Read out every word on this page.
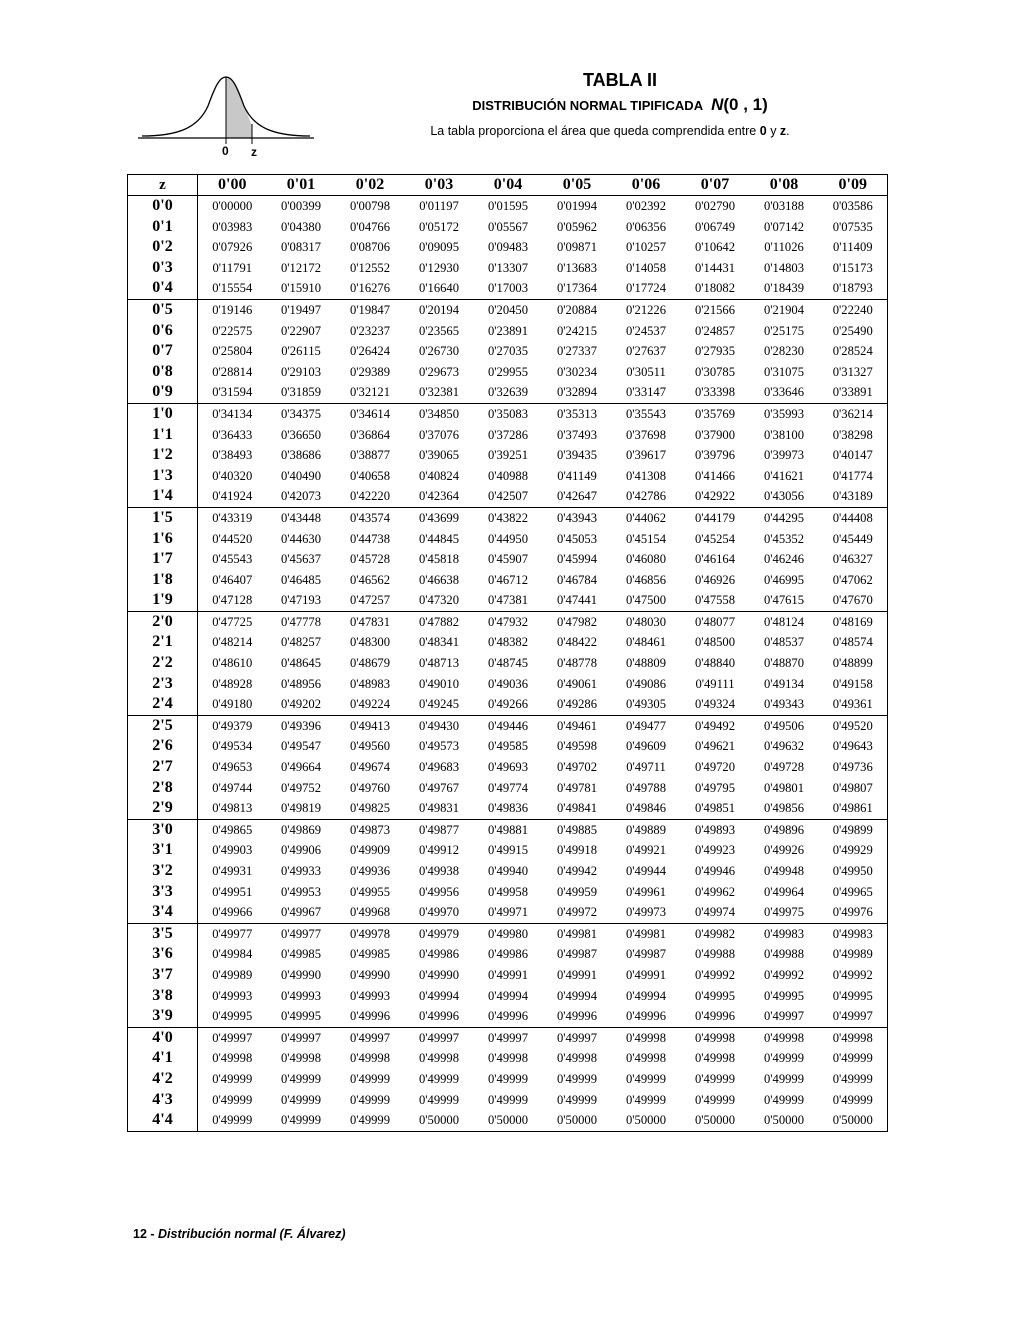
0 z
TABLA II
DISTRIBUCIÓN NORMAL TIPIFICADA N(0 , 1)
La tabla proporciona el área que queda comprendida entre 0 y z.
z	0'00	0'01	0'02	0'03	0'04	0'05	0'06	0'07	0'08	0'09
0'0	0'00000	0'00399	0'00798	0'01197	0'01595	0'01994	0'02392	0'02790	0'03188	0'03586
0'1	0'03983	0'04380	0'04766	0'05172	0'05567	0'05962	0'06356	0'06749	0'07142	0'07535
0'2	0'07926	0'08317	0'08706	0'09095	0'09483	0'09871	0'10257	0'10642	0'11026	0'11409
0'3	0'11791	0'12172	0'12552	0'12930	0'13307	0'13683	0'14058	0'14431	0'14803	0'15173
0'4	0'15554	0'15910	0'16276	0'16640	0'17003	0'17364	0'17724	0'18082	0'18439	0'18793
0'5	0'19146	0'19497	0'19847	0'20194	0'20450	0'20884	0'21226	0'21566	0'21904	0'22240
0'6	0'22575	0'22907	0'23237	0'23565	0'23891	0'24215	0'24537	0'24857	0'25175	0'25490
0'7	0'25804	0'26115	0'26424	0'26730	0'27035	0'27337	0'27637	0'27935	0'28230	0'28524
0'8	0'28814	0'29103	0'29389	0'29673	0'29955	0'30234	0'30511	0'30785	0'31075	0'31327
0'9	0'31594	0'31859	0'32121	0'32381	0'32639	0'32894	0'33147	0'33398	0'33646	0'33891
1'0	0'34134	0'34375	0'34614	0'34850	0'35083	0'35313	0'35543	0'35769	0'35993	0'36214
1'1	0'36433	0'36650	0'36864	0'37076	0'37286	0'37493	0'37698	0'37900	0'38100	0'38298
1'2	0'38493	0'38686	0'38877	0'39065	0'39251	0'39435	0'39617	0'39796	0'39973	0'40147
1'3	0'40320	0'40490	0'40658	0'40824	0'40988	0'41149	0'41308	0'41466	0'41621	0'41774
1'4	0'41924	0'42073	0'42220	0'42364	0'42507	0'42647	0'42786	0'42922	0'43056	0'43189
1'5	0'43319	0'43448	0'43574	0'43699	0'43822	0'43943	0'44062	0'44179	0'44295	0'44408
1'6	0'44520	0'44630	0'44738	0'44845	0'44950	0'45053	0'45154	0'45254	0'45352	0'45449
1'7	0'45543	0'45637	0'45728	0'45818	0'45907	0'45994	0'46080	0'46164	0'46246	0'46327
1'8	0'46407	0'46485	0'46562	0'46638	0'46712	0'46784	0'46856	0'46926	0'46995	0'47062
1'9	0'47128	0'47193	0'47257	0'47320	0'47381	0'47441	0'47500	0'47558	0'47615	0'47670
2'0	0'47725	0'47778	0'47831	0'47882	0'47932	0'47982	0'48030	0'48077	0'48124	0'48169
2'1	0'48214	0'48257	0'48300	0'48341	0'48382	0'48422	0'48461	0'48500	0'48537	0'48574
2'2	0'48610	0'48645	0'48679	0'48713	0'48745	0'48778	0'48809	0'48840	0'48870	0'48899
2'3	0'48928	0'48956	0'48983	0'49010	0'49036	0'49061	0'49086	0'49111	0'49134	0'49158
2'4	0'49180	0'49202	0'49224	0'49245	0'49266	0'49286	0'49305	0'49324	0'49343	0'49361
2'5	0'49379	0'49396	0'49413	0'49430	0'49446	0'49461	0'49477	0'49492	0'49506	0'49520
2'6	0'49534	0'49547	0'49560	0'49573	0'49585	0'49598	0'49609	0'49621	0'49632	0'49643
2'7	0'49653	0'49664	0'49674	0'49683	0'49693	0'49702	0'49711	0'49720	0'49728	0'49736
2'8	0'49744	0'49752	0'49760	0'49767	0'49774	0'49781	0'49788	0'49795	0'49801	0'49807
2'9	0'49813	0'49819	0'49825	0'49831	0'49836	0'49841	0'49846	0'49851	0'49856	0'49861
3'0	0'49865	0'49869	0'49873	0'49877	0'49881	0'49885	0'49889	0'49893	0'49896	0'49899
3'1	0'49903	0'49906	0'49909	0'49912	0'49915	0'49918	0'49921	0'49923	0'49926	0'49929
3'2	0'49931	0'49933	0'49936	0'49938	0'49940	0'49942	0'49944	0'49946	0'49948	0'49950
3'3	0'49951	0'49953	0'49955	0'49956	0'49958	0'49959	0'49961	0'49962	0'49964	0'49965
3'4	0'49966	0'49967	0'49968	0'49970	0'49971	0'49972	0'49973	0'49974	0'49975	0'49976
3'5	0'49977	0'49977	0'49978	0'49979	0'49980	0'49981	0'49981	0'49982	0'49983	0'49983
3'6	0'49984	0'49985	0'49985	0'49986	0'49986	0'49987	0'49987	0'49988	0'49988	0'49989
3'7	0'49989	0'49990	0'49990	0'49990	0'49991	0'49991	0'49991	0'49992	0'49992	0'49992
3'8	0'49993	0'49993	0'49993	0'49994	0'49994	0'49994	0'49994	0'49995	0'49995	0'49995
3'9	0'49995	0'49995	0'49996	0'49996	0'49996	0'49996	0'49996	0'49996	0'49997	0'49997
4'0	0'49997	0'49997	0'49997	0'49997	0'49997	0'49997	0'49998	0'49998	0'49998	0'49998
4'1	0'49998	0'49998	0'49998	0'49998	0'49998	0'49998	0'49998	0'49998	0'49999	0'49999
4'2	0'49999	0'49999	0'49999	0'49999	0'49999	0'49999	0'49999	0'49999	0'49999	0'49999
4'3	0'49999	0'49999	0'49999	0'49999	0'49999	0'49999	0'49999	0'49999	0'49999	0'49999
4'4	0'49999	0'49999	0'49999	0'50000	0'50000	0'50000	0'50000	0'50000	0'50000	0'50000
12 - Distribución normal (F. Álvarez)
